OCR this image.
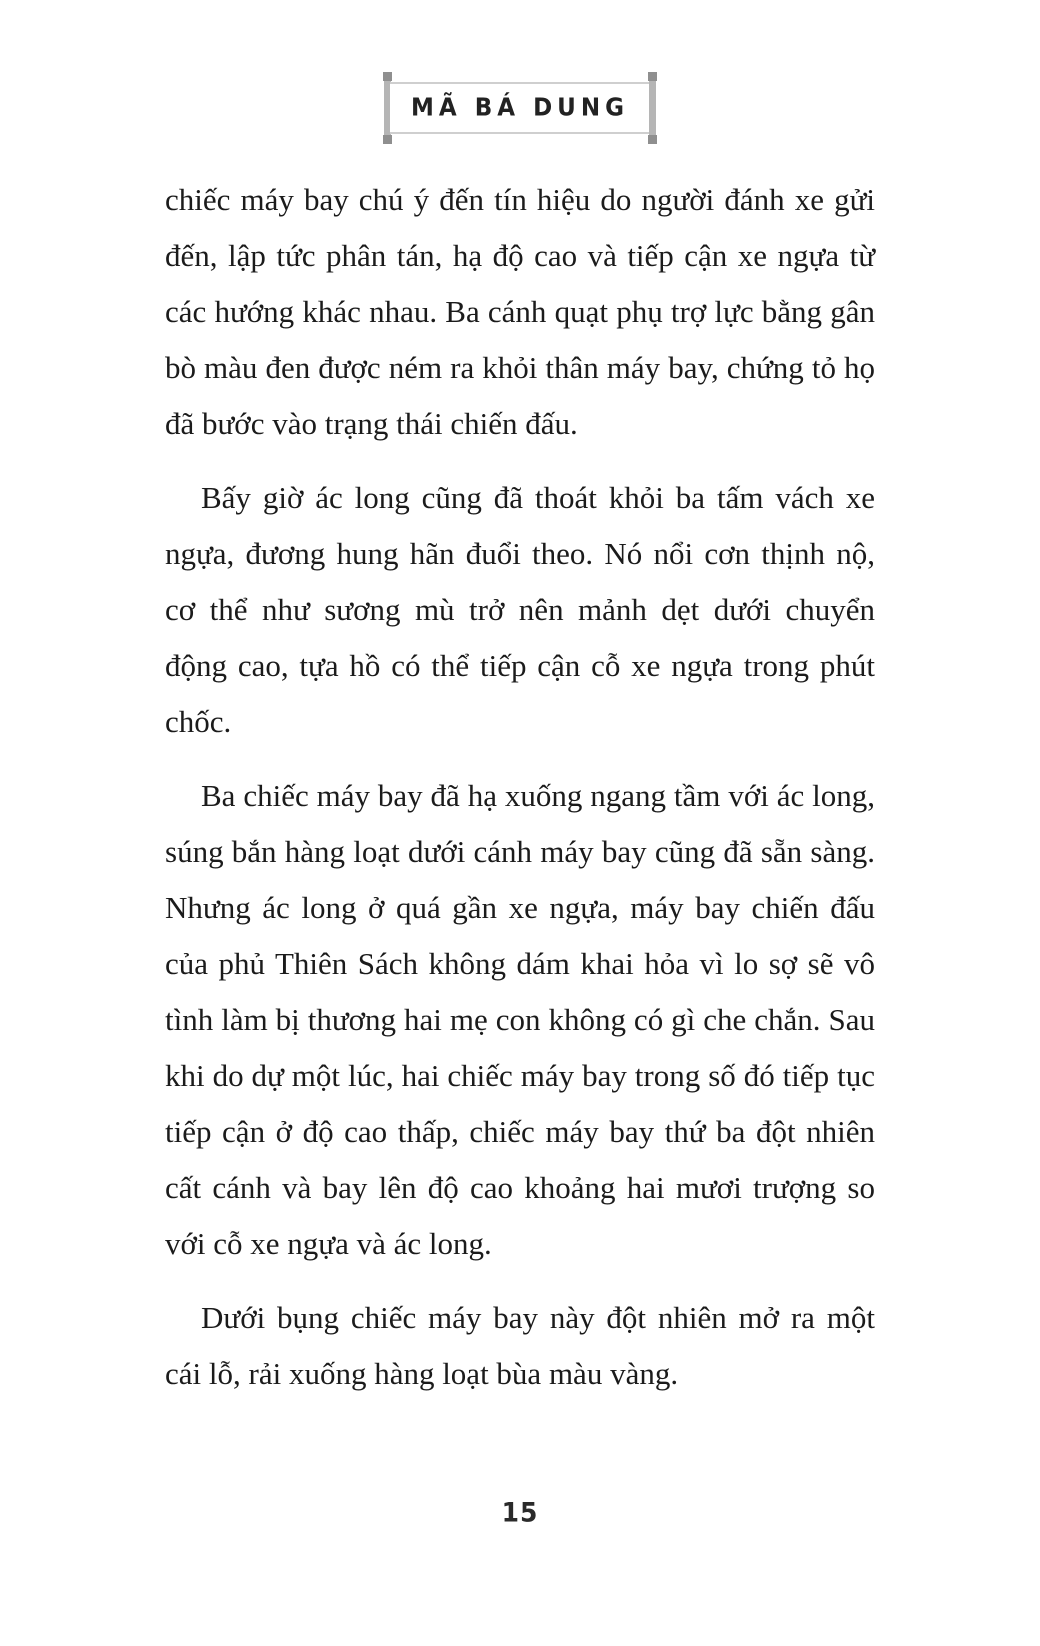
MÃ BÁ DUNG

chiếc máy bay chú ý đến tín hiệu do người đánh xe gửi đến, lập tức phân tán, hạ độ cao và tiếp cận xe ngựa từ các hướng khác nhau. Ba cánh quạt phụ trợ lực bằng gân bò màu đen được ném ra khỏi thân máy bay, chứng tỏ họ đã bước vào trạng thái chiến đấu.

Bấy giờ ác long cũng đã thoát khỏi ba tấm vách xe ngựa, đương hung hãn đuổi theo. Nó nổi cơn thịnh nộ, cơ thể như sương mù trở nên mảnh dẹt dưới chuyển động cao, tựa hồ có thể tiếp cận cỗ xe ngựa trong phút chốc.

Ba chiếc máy bay đã hạ xuống ngang tầm với ác long, súng bắn hàng loạt dưới cánh máy bay cũng đã sẵn sàng. Nhưng ác long ở quá gần xe ngựa, máy bay chiến đấu của phủ Thiên Sách không dám khai hỏa vì lo sợ sẽ vô tình làm bị thương hai mẹ con không có gì che chắn. Sau khi do dự một lúc, hai chiếc máy bay trong số đó tiếp tục tiếp cận ở độ cao thấp, chiếc máy bay thứ ba đột nhiên cất cánh và bay lên độ cao khoảng hai mươi trượng so với cỗ xe ngựa và ác long.

Dưới bụng chiếc máy bay này đột nhiên mở ra một cái lỗ, rải xuống hàng loạt bùa màu vàng.

15
